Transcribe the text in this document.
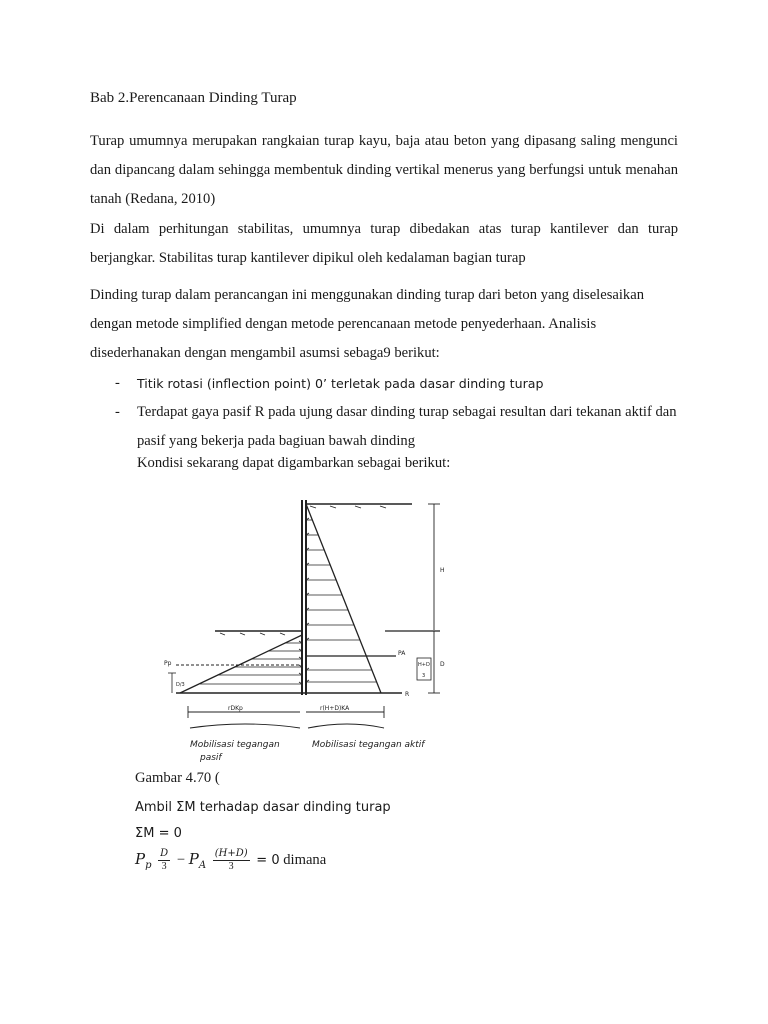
Bab 2.Perencanaan Dinding Turap

Turap umumnya merupakan rangkaian turap kayu, baja atau beton yang dipasang saling mengunci dan dipancang dalam sehingga membentuk dinding vertikal menerus yang berfungsi untuk menahan tanah (Redana, 2010)

Di dalam perhitungan stabilitas, umumnya turap dibedakan atas turap kantilever dan turap berjangkar. Stabilitas turap kantilever dipikul oleh kedalaman bagian turap

Dinding turap dalam perancangan ini menggunakan dinding turap dari beton yang diselesaikan dengan metode simplified dengan metode perencanaan metode penyederhaan. Analisis disederhanakan dengan mengambil asumsi sebaga9 berikut:

- Titik rotasi (inflection point) 0’ terletak pada dasar dinding turap
- Terdapat gaya pasif R pada ujung dasar dinding turap sebagai resultan dari tekanan aktif dan pasif yang bekerja pada bagiuan bawah dinding
Kondisi sekarang dapat digambarkan sebagai berikut:
H
D
H+D
3
R
PA
Pp
D/3
rDKp	r(H+D)KA
Mobilisasi tegangan
pasif
Mobilisasi tegangan aktif
Gambar 4.70 (
Ambil ΣM terhadap dasar dinding turap
ΣM = 0
$P_p \frac{D}{3} - P_A \frac{(H+D)}{3} = 0$ dimana
